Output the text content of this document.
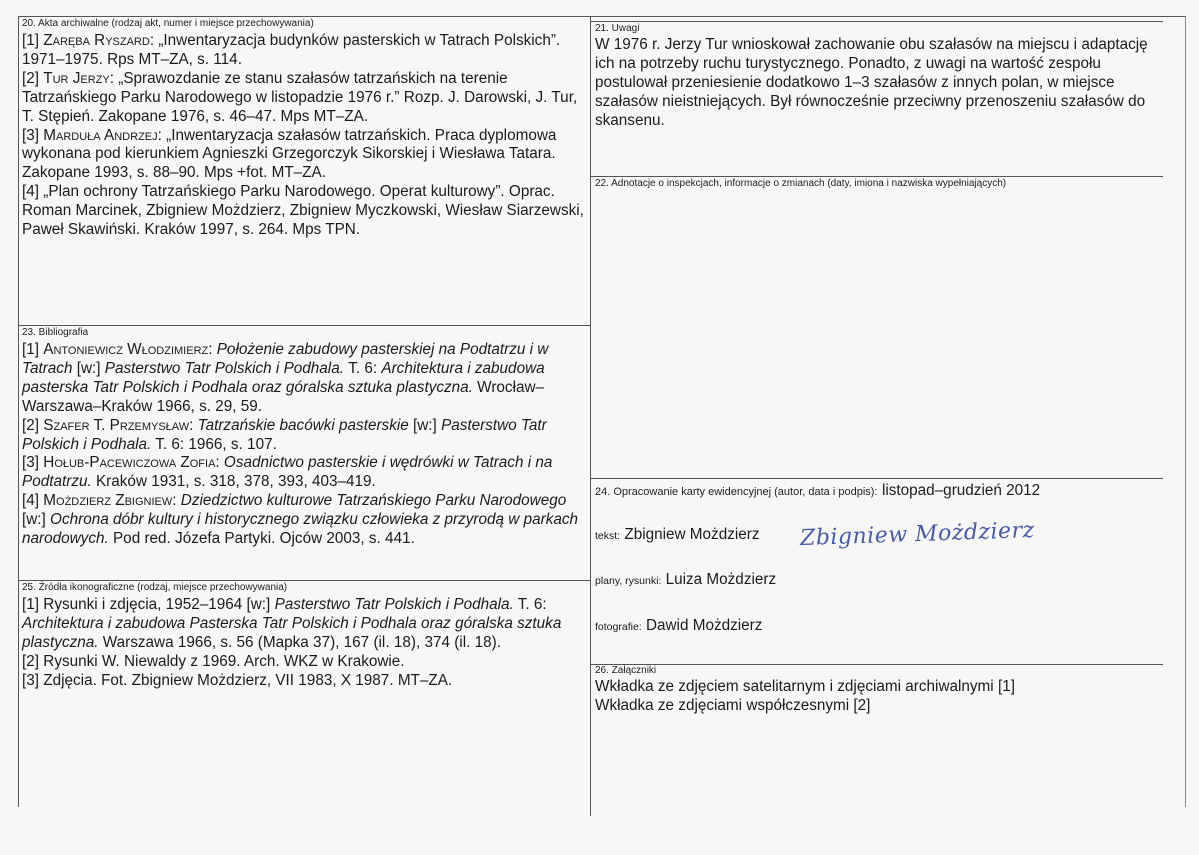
20. Akta archiwalne (rodzaj akt, numer i miejsce przechowywania)

[1] Zaręba Ryszard: „Inwentaryzacja budynków pasterskich w Tatrach Polskich”. 1971–1975. Rps MT–ZA, s. 114.

[2] Tur Jerzy: „Sprawozdanie ze stanu szałasów tatrzańskich na terenie Tatrzańskiego Parku Narodowego w listopadzie 1976 r.” Rozp. J. Darowski, J. Tur, T. Stępień. Zakopane 1976, s. 46–47. Mps MT–ZA.

[3] Marduła Andrzej: „Inwentaryzacja szałasów tatrzańskich. Praca dyplomowa wykonana pod kierunkiem Agnieszki Grzegorczyk Sikorskiej i Wiesława Tatara. Zakopane 1993, s. 88–90. Mps +fot. MT–ZA.

[4] „Plan ochrony Tatrzańskiego Parku Narodowego. Operat kulturowy”. Oprac. Roman Marcinek, Zbigniew Możdzierz, Zbigniew Myczkowski, Wiesław Siarzewski, Paweł Skawiński. Kraków 1997, s. 264. Mps TPN.

21. Uwagi

W 1976 r. Jerzy Tur wnioskował zachowanie obu szałasów na miejscu i adaptację ich na potrzeby ruchu turystycznego. Ponadto, z uwagi na wartość zespołu postulował przeniesienie dodatkowo 1–3 szałasów z innych polan, w miejsce szałasów nieistniejących. Był równocześnie przeciwny przenoszeniu szałasów do skansenu.

22. Adnotacje o inspekcjach, informacje o zmianach (daty, imiona i nazwiska wypełniających)
23. Bibliografia

[1] Antoniewicz Włodzimierz: Położenie zabudowy pasterskiej na Podtatrzu i w Tatrach [w:] Pasterstwo Tatr Polskich i Podhala. T. 6: Architektura i zabudowa pasterska Tatr Polskich i Podhala oraz góralska sztuka plastyczna. Wrocław–Warszawa–Kraków 1966, s. 29, 59.

[2] Szafer T. Przemysław: Tatrzańskie bacówki pasterskie [w:] Pasterstwo Tatr Polskich i Podhala. T. 6: 1966, s. 107.

[3] Hołub-Pacewiczowa Zofia: Osadnictwo pasterskie i wędrówki w Tatrach i na Podtatrzu. Kraków 1931, s. 318, 378, 393, 403–419.

[4] Możdzierz Zbigniew: Dziedzictwo kulturowe Tatrzańskiego Parku Narodowego [w:] Ochrona dóbr kultury i historycznego związku człowieka z przyrodą w parkach narodowych. Pod red. Józefa Partyki. Ojców 2003, s. 441.

24. Opracowanie karty ewidencyjnej (autor, data i podpis): listopad–grudzień 2012
tekst: Zbigniew Możdzierz Zbigniew Możdzierz
plany, rysunki: Luiza Możdzierz
fotografie: Dawid Możdzierz
25. Źródła ikonograficzne (rodzaj, miejsce przechowywania)

[1] Rysunki i zdjęcia, 1952–1964 [w:] Pasterstwo Tatr Polskich i Podhala. T. 6: Architektura i zabudowa Pasterska Tatr Polskich i Podhala oraz góralska sztuka plastyczna. Warszawa 1966, s. 56 (Mapka 37), 167 (il. 18), 374 (il. 18).

[2] Rysunki W. Niewaldy z 1969. Arch. WKZ w Krakowie.

[3] Zdjęcia. Fot. Zbigniew Możdzierz, VII 1983, X 1987. MT–ZA.

26. Załączniki

Wkładka ze zdjęciem satelitarnym i zdjęciami archiwalnymi [1]

Wkładka ze zdjęciami współczesnymi [2]
